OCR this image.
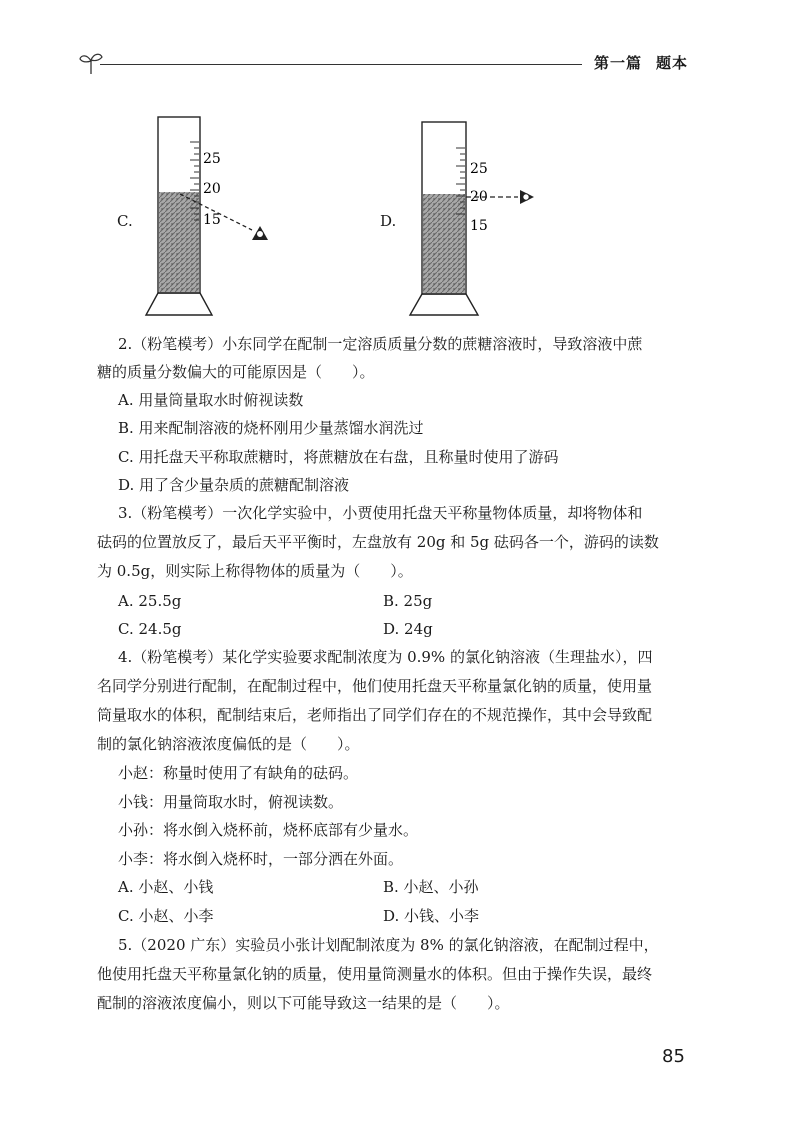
第一篇 题本
C.
25
20
15	D.
25
20
15

2.（粉笔模考）小东同学在配制一定溶质质量分数的蔗糖溶液时，导致溶液中蔗

糖的质量分数偏大的可能原因是（　　）。

A. 用量筒量取水时俯视读数

B. 用来配制溶液的烧杯刚用少量蒸馏水润洗过

C. 用托盘天平称取蔗糖时，将蔗糖放在右盘，且称量时使用了游码

D. 用了含少量杂质的蔗糖配制溶液

3.（粉笔模考）一次化学实验中，小贾使用托盘天平称量物体质量，却将物体和

砝码的位置放反了，最后天平平衡时，左盘放有 20g 和 5g 砝码各一个，游码的读数

为 0.5g，则实际上称得物体的质量为（　　）。

A. 25.5g	B. 25g

C. 24.5g	D. 24g

4.（粉笔模考）某化学实验要求配制浓度为 0.9% 的氯化钠溶液（生理盐水），四

名同学分别进行配制，在配制过程中，他们使用托盘天平称量氯化钠的质量，使用量

筒量取水的体积，配制结束后，老师指出了同学们存在的不规范操作，其中会导致配

制的氯化钠溶液浓度偏低的是（　　）。

小赵：称量时使用了有缺角的砝码。

小钱：用量筒取水时，俯视读数。

小孙：将水倒入烧杯前，烧杯底部有少量水。

小李：将水倒入烧杯时，一部分洒在外面。

A. 小赵、小钱	B. 小赵、小孙

C. 小赵、小李	D. 小钱、小李

5.（2020 广东）实验员小张计划配制浓度为 8% 的氯化钠溶液，在配制过程中，

他使用托盘天平称量氯化钠的质量，使用量筒测量水的体积。但由于操作失误，最终

配制的溶液浓度偏小，则以下可能导致这一结果的是（　　）。

85
